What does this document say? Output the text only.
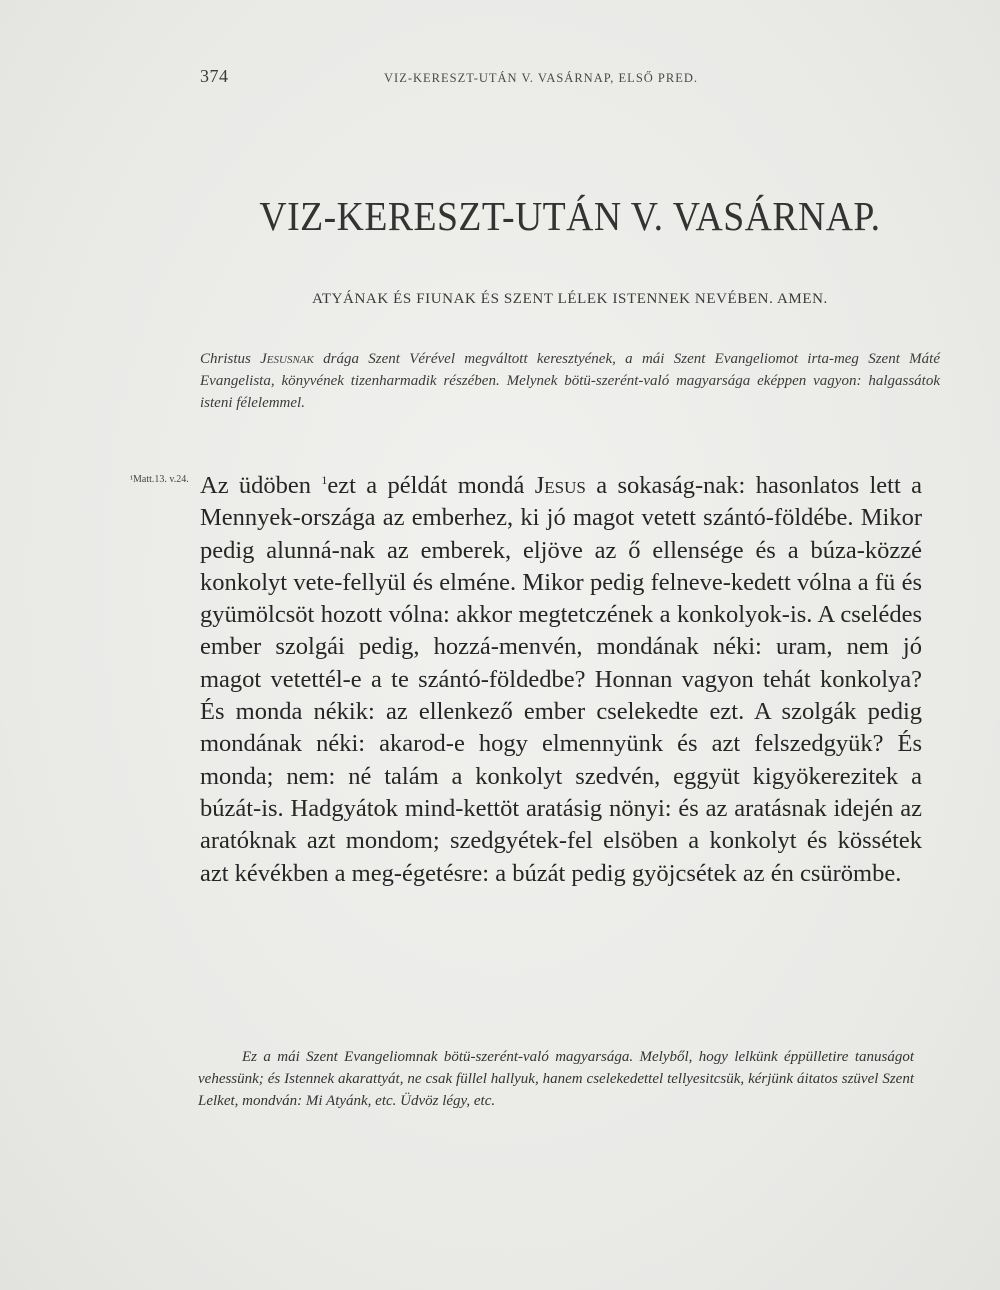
374	VIZ-KERESZT-UTÁN V. VASÁRNAP, ELSŐ PRED.
VIZ-KERESZT-UTÁN V. VASÁRNAP.

ATYÁNAK ÉS FIUNAK ÉS SZENT LÉLEK ISTENNEK NEVÉBEN. AMEN.

Christus Jesusnak drága Szent Vérével megváltott keresztyének, a mái Szent Evangeliomot irta-meg Szent Máté Evangelista, könyvének tizenharmadik részében. Melynek bötü-szerént-való magyarsága eképpen vagyon: halgassátok isteni félelemmel.

¹Matt.13. v.24. Az üdöben $^1$ezt a példát mondá Jesus a sokaság-nak: hasonlatos lett a Mennyek-országa az emberhez, ki jó magot vetett szántó-földébe. Mikor pedig alunná-nak az emberek, eljöve az ő ellensége és a búza-közzé konkolyt vete-fellyül és elméne. Mikor pedig felneve-kedett vólna a fü és gyümölcsöt hozott vólna: akkor megtetczének a konkolyok-is. A cselédes ember szolgái pedig, hozzá-menvén, mondának néki: uram, nem jó magot vetettél-e a te szántó-földedbe? Honnan vagyon tehát konkolya? És monda nékik: az ellenkező ember cselekedte ezt. A szolgák pedig mondának néki: akarod-e hogy elmennyünk és azt felszedgyük? És monda; nem: né talám a konkolyt szedvén, eggyüt kigyökerezitek a búzát-is. Hadgyátok mind-kettöt aratásig nönyi: és az aratásnak idején az aratóknak azt mondom; szedgyétek-fel elsöben a konkolyt és kössétek azt kévékben a meg-égetésre: a búzát pedig gyöjcsétek az én csürömbe.

Ez a mái Szent Evangeliomnak bötü-szerént-való magyarsága. Melyből, hogy lelkünk éppülletire tanuságot vehessünk; és Istennek akarattyát, ne csak füllel hallyuk, hanem cselekedettel tellyesitcsük, kérjünk áitatos szüvel Szent Lelket, mondván: Mi Atyánk, etc. Üdvöz légy, etc.
